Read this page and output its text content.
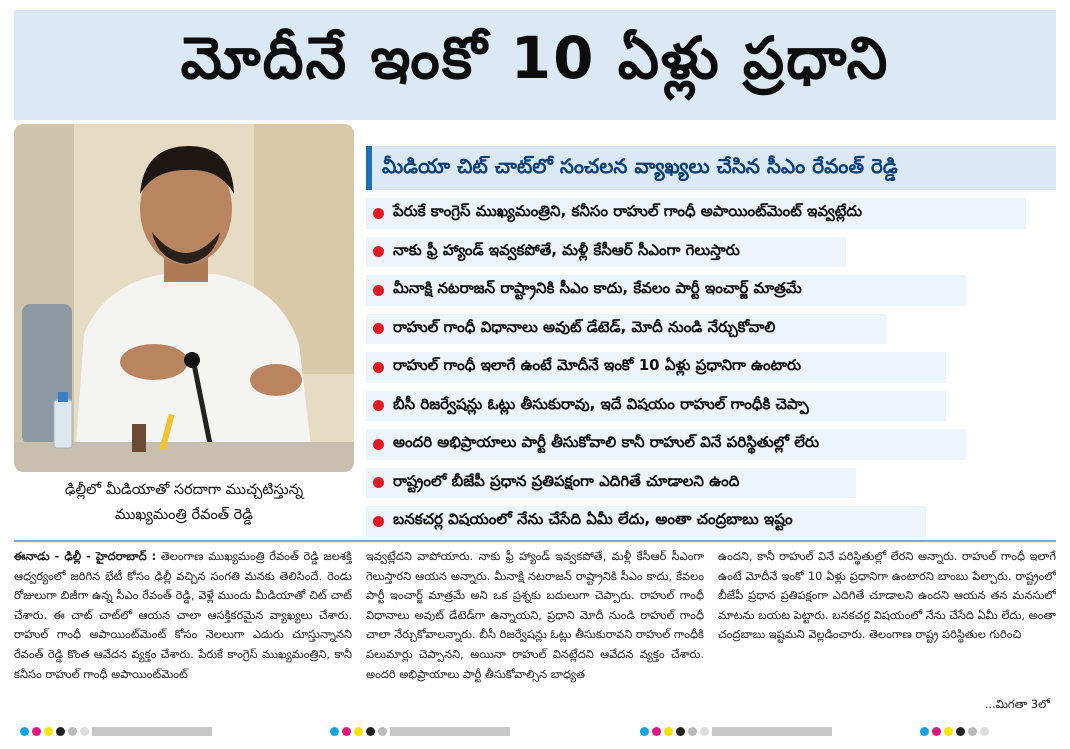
మోదీనే ఇంకో 10 ఏళ్లు ప్రధాని
ఢిల్లీలో మీడియాతో సరదాగా ముచ్చటిస్తున్న
ముఖ్యమంత్రి రేవంత్ రెడ్డి
మీడియా చిట్ చాట్‌లో సంచలన వ్యాఖ్యలు చేసిన సీఎం రేవంత్ రెడ్డి
పేరుకే కాంగ్రెస్ ముఖ్యమంత్రిని, కనీసం రాహుల్ గాంధీ అపాయింట్‌మెంట్ ఇవ్వట్లేదు
నాకు ఫ్రీ హ్యాండ్ ఇవ్వకపోతే, మళ్లీ కేసీఆర్ సీఎంగా గెలుస్తారు
మీనాక్షి నటరాజన్ రాష్ట్రానికి సీఎం కాదు, కేవలం పార్టీ ఇంచార్జ్ మాత్రమే
రాహుల్ గాంధీ విధానాలు అవుట్ డేటెడ్, మోదీ నుండి నేర్చుకోవాలి
రాహుల్ గాంధీ ఇలాగే ఉంటే మోదీనే ఇంకో 10 ఏళ్లు ప్రధానిగా ఉంటారు
బీసీ రిజర్వేషన్లు ఓట్లు తీసుకురావు, ఇదే విషయం రాహుల్ గాంధీకి చెప్పా
అందరి అభిప్రాయాలు పార్టీ తీసుకోవాలి కానీ రాహుల్ వినే పరిస్థితుల్లో లేరు
రాష్ట్రంలో బీజేపీ ప్రధాన ప్రతిపక్షంగా ఎదిగితే చూడాలని ఉంది
బనకచర్ల విషయంలో నేను చేసేది ఏమీ లేదు, అంతా చంద్రబాబు ఇష్టం
ఈనాడు - ఢిల్లీ - హైదరాబాద్ : తెలంగాణ ముఖ్యమంత్రి రేవంత్ రెడ్డి జలశక్తి ఆధ్వర్యంలో జరిగిన భేటీ కోసం ఢిల్లీ వచ్చిన సంగతి మనకు తెలిసిందే. రెండు రోజులుగా బిజీగా ఉన్న సీఎం రేవంత్ రెడ్డి, వెళ్లే ముందు మీడియాతో చిట్ చాట్ చేశారు. ఈ చాట్ చాట్‌లో ఆయన చాలా ఆసక్తికరమైన వ్యాఖ్యలు చేశారు. రాహుల్ గాంధీ అపాయింట్‌మెంట్ కోసం నెలలుగా ఎదురు చూస్తున్నానని రేవంత్ రెడ్డి కొంత ఆవేదన వ్యక్తం చేశారు. పేరుకే కాంగ్రెస్ ముఖ్యమంత్రిని, కానీ కనీసం రాహుల్ గాంధీ అపాయింట్‌మెంట్
ఇవ్వట్లేదని వాపోయారు. నాకు ఫ్రీ హ్యాండ్ ఇవ్వకపోతే, మళ్లీ కేసీఆర్ సీఎంగా గెలుస్తారని ఆయన అన్నారు. మీనాక్షి నటరాజన్ రాష్ట్రానికి సీఎం కాదు, కేవలం పార్టీ ఇంచార్జ్ మాత్రమే అని ఒక ప్రశ్నకు బదులుగా చెప్పారు. రాహుల్ గాంధీ విధానాలు అవుట్ డేటెడ్‌గా ఉన్నాయని, ప్రధాని మోదీ నుండి రాహుల్ గాంధీ చాలా నేర్చుకోవాలన్నారు. బీసీ రిజర్వేషన్లు ఓట్లు తీసుకురావని రాహుల్ గాంధీకి పలుమార్లు చెప్పానని, అయినా రాహుల్ వినట్లేదని ఆవేదన వ్యక్తం చేశారు. అందరి అభిప్రాయాలు పార్టీ తీసుకోవాల్సిన బాధ్యత
ఉందని, కానీ రాహుల్ వినే పరిస్థితుల్లో లేరని అన్నారు. రాహుల్ గాంధీ ఇలాగే ఉంటే మోదీనే ఇంకో 10 ఏళ్లు ప్రధానిగా ఉంటారని బాంబు పేల్చారు. రాష్ట్రంలో బీజేపీ ప్రధాన ప్రతిపక్షంగా ఎదిగితే చూడాలని ఉందని ఆయన తన మనసులో మాటను బయట పెట్టారు. బనకచర్ల విషయంలో నేను చేసేది ఏమీ లేదు, అంతా చంద్రబాబు ఇష్టమని వెల్లడించారు. తెలంగాణ రాష్ట్ర పరిస్థితుల గురించి
...మిగతా 3లో
